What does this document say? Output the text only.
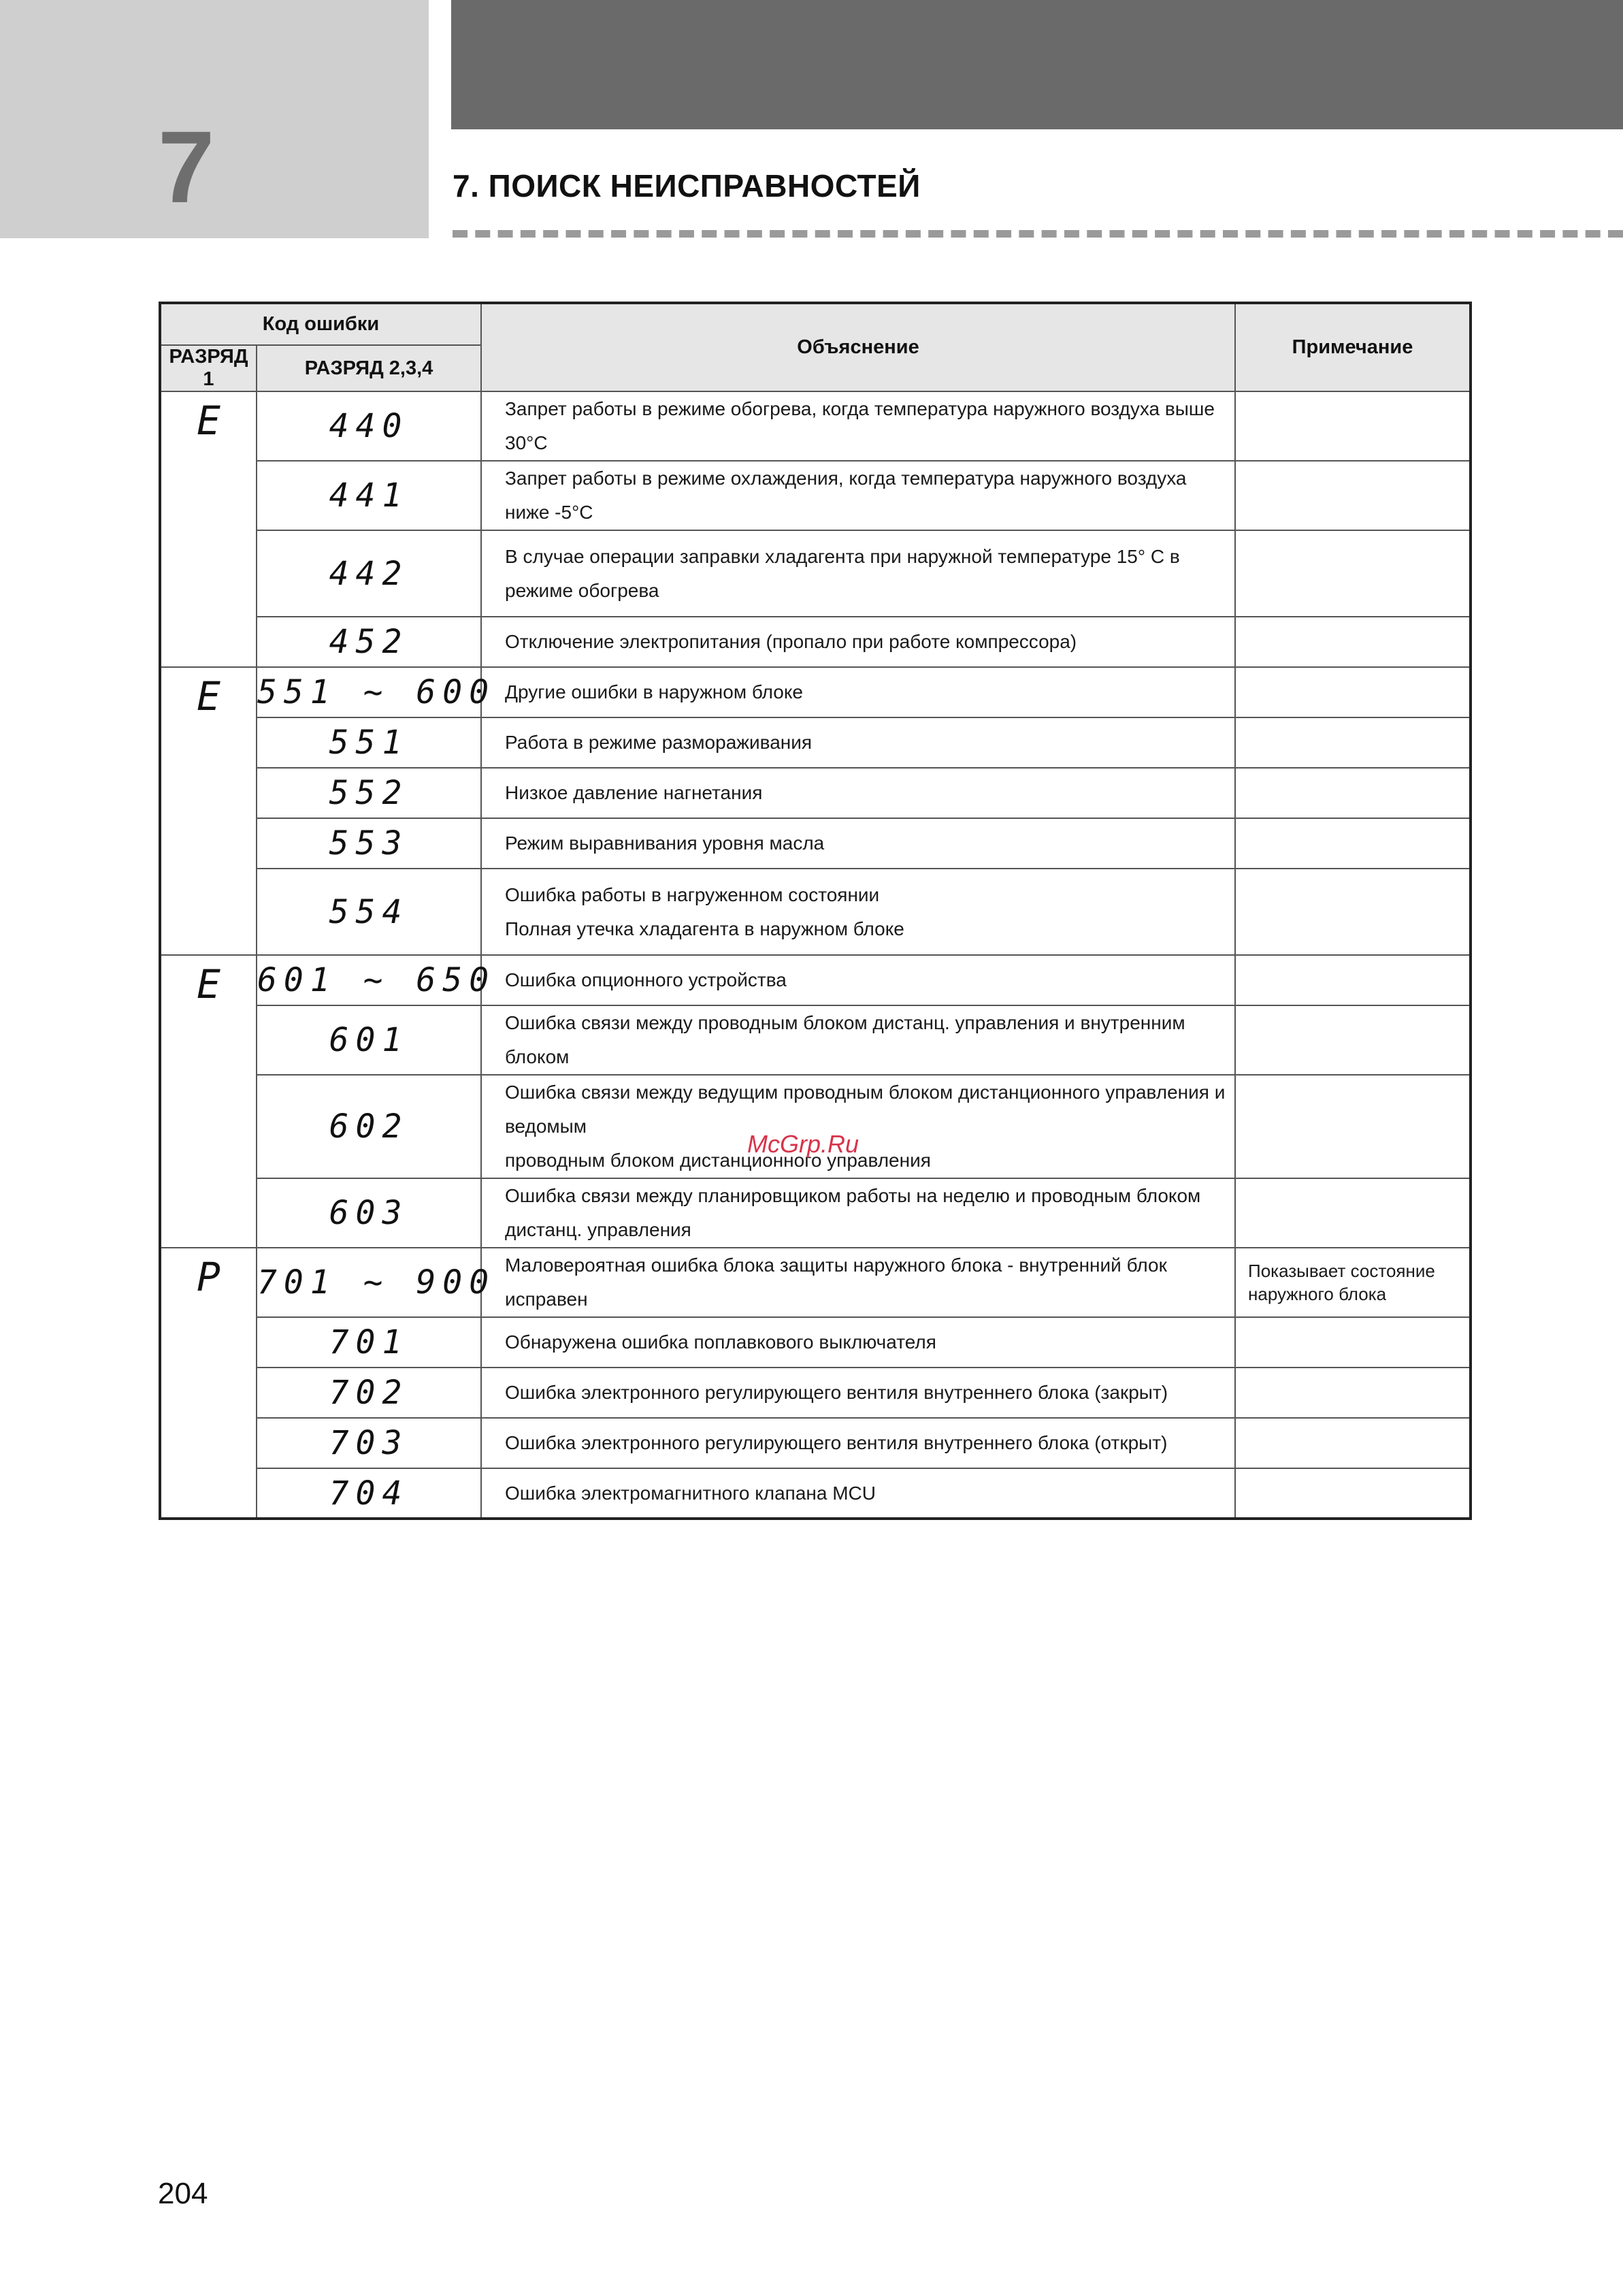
7	7. ПОИСК НЕИСПРАВНОСТЕЙ
Код ошибки		Объяснение	Примечание
РАЗРЯД 1	РАЗРЯД 2,3,4		
E	440	Запрет работы в режиме обогрева, когда температура наружного воздуха выше 30°C	

	441	Запрет работы в режиме охлаждения, когда температура наружного воздуха ниже -5°C	

	442	В случае операции заправки хладагента при наружной температуре 15° C в режиме обогрева	

	452	Отключение электропитания (пропало при работе компрессора)	

E	551 ~ 600	Другие ошибки в наружном блоке	

	551	Работа в режиме размораживания	

	552	Низкое давление нагнетания	

	553	Режим выравнивания уровня масла	

	554	Ошибка работы в нагруженном состоянии
Полная утечка хладагента в наружном блоке	

E	601 ~ 650	Ошибка опционного устройства	

	601	Ошибка связи между проводным блоком дистанц. управления и внутренним блоком	

	602	Ошибка связи между ведущим проводным блоком дистанционного управления и ведомым
проводным блоком дистанционного управления	

	603	Ошибка связи между планировщиком работы на неделю и проводным блоком дистанц. управления	

P	701 ~ 900	Маловероятная ошибка блока защиты наружного блока - внутренний блок исправен	Показывает состояние наружного блока
	701	Обнаружена ошибка поплавкового выключателя	

	702	Ошибка электронного регулирующего вентиля внутреннего блока (закрыт)	

	703	Ошибка электронного регулирующего вентиля внутреннего блока (открыт)	

	704	Ошибка электромагнитного клапана MCU	

McGrp.Ru
204
